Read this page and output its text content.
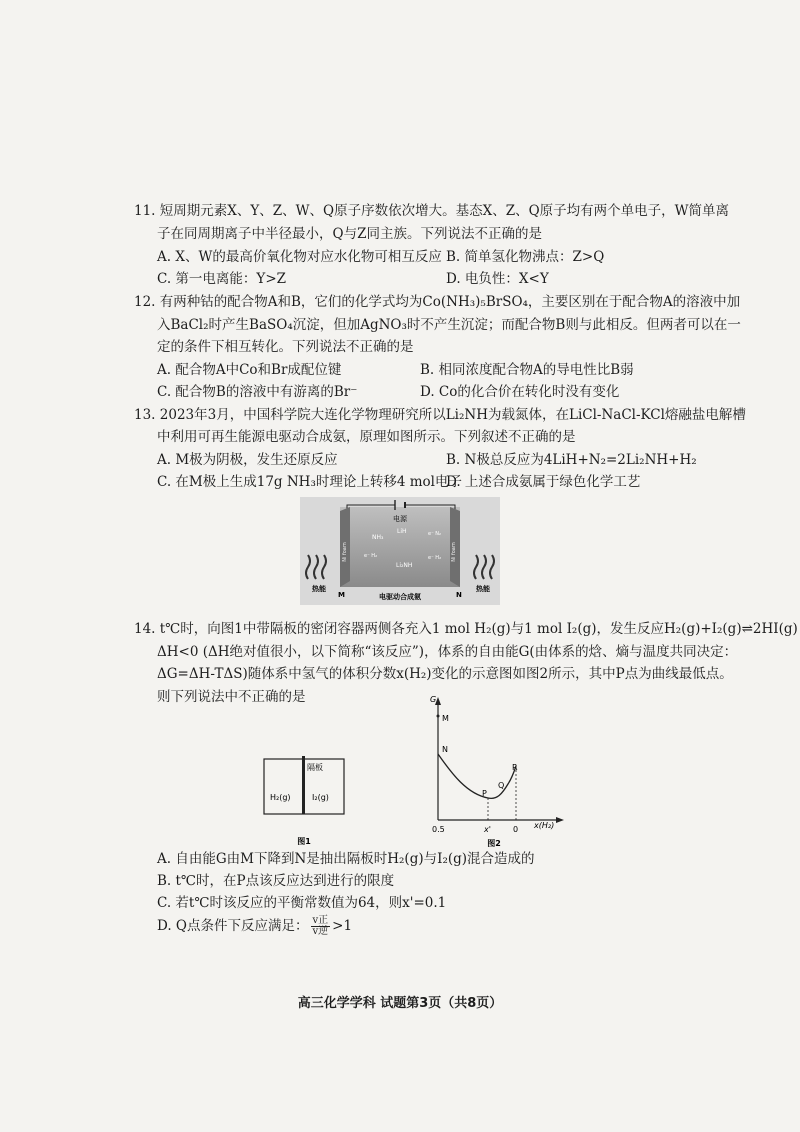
11. 短周期元素X、Y、Z、W、Q原子序数依次增大。基态X、Z、Q原子均有两个单电子，W简单离
子在同周期离子中半径最小，Q与Z同主族。下列说法不正确的是
A. X、W的最高价氧化物对应水化物可相互反应 B. 简单氢化物沸点：Z>Q
C. 第一电离能：Y>Z	D. 电负性：X<Y
12. 有两种钴的配合物A和B，它们的化学式均为Co(NH₃)₅BrSO₄，主要区别在于配合物A的溶液中加
入BaCl₂时产生BaSO₄沉淀，但加AgNO₃时不产生沉淀；而配合物B则与此相反。但两者可以在一
定的条件下相互转化。下列说法不正确的是
A. 配合物A中Co和Br成配位键	B. 相同浓度配合物A的导电性比B弱
C. 配合物B的溶液中有游离的Br⁻	D. Co的化合价在转化时没有变化
13. 2023年3月，中国科学院大连化学物理研究所以Li₂NH为载氮体，在LiCl-NaCl-KCl熔融盐电解槽
中利用可再生能源电驱动合成氨，原理如图所示。下列叙述不正确的是
A. M极为阴极，发生还原反应	B. N极总反应为4LiH+N₂=2Li₂NH+H₂
C. 在M极上生成17g NH₃时理论上转移4 mol电子
D. 上述合成氨属于绿色化学工艺
电源
Ni foam	Ni foam
NH₃
LiH	e⁻ N₂
e⁻ H₂
Li₂NH
e⁻ H₂
热能	热能
M	N
电驱动合成氨
14. t℃时，向图1中带隔板的密闭容器两侧各充入1 mol H₂(g)与1 mol I₂(g)，发生反应H₂(g)+I₂(g)⇌2HI(g)
ΔH<0 (ΔH绝对值很小，以下简称“该反应”)，体系的自由能G(由体系的焓、熵与温度共同决定：
ΔG=ΔH-TΔS)随体系中氢气的体积分数x(H₂)变化的示意图如图2所示，其中P点为曲线最低点。
则下列说法中不正确的是
隔板
H₂(g)	I₂(g)
图1
G
x(H₂)
M
N
P
Q
R
0.5	x'	0
图2
A. 自由能G由M下降到N是抽出隔板时H₂(g)与I₂(g)混合造成的
B. t℃时，在P点该反应达到进行的限度
C. 若t℃时该反应的平衡常数值为64，则x'=0.1
D. Q点条件下反应满足： $\frac{\text{v正}}{\text{v逆}} >1$
高三化学学科 试题第3页（共8页）
